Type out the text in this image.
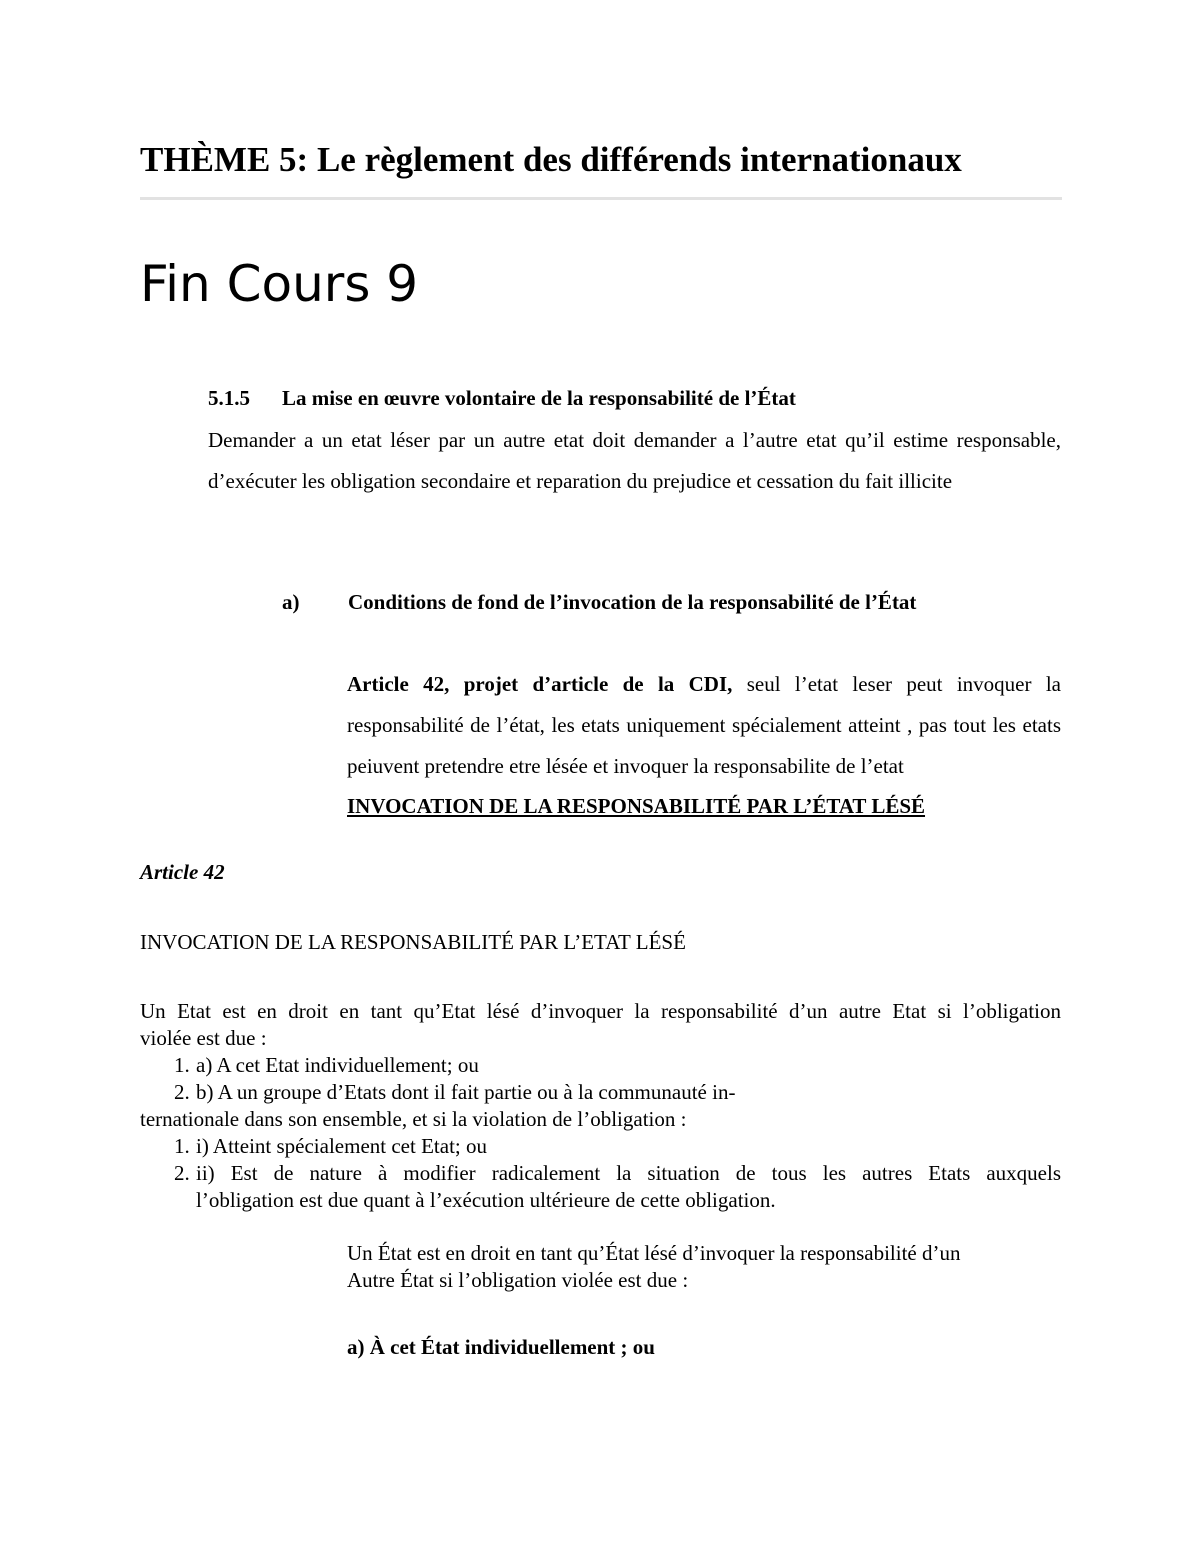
THÈME 5: Le règlement des différends internationaux
Fin Cours 9
5.1.5 La mise en œuvre volontaire de la responsabilité de l’État
Demander a un etat léser par un autre etat doit demander a l’autre etat qu’il estime responsable, d’exécuter les obligation secondaire et reparation du prejudice et cessation du fait illicite
a) Conditions de fond de l’invocation de la responsabilité de l’État
Article 42, projet d’article de la CDI, seul l’etat leser peut invoquer la responsabilité de l’état, les etats uniquement spécialement atteint , pas tout les etats peiuvent pretendre etre lésée et invoquer la responsabilite de l’etat
INVOCATION DE LA RESPONSABILITÉ PAR L’ÉTAT LÉSÉ
Article 42
INVOCATION DE LA RESPONSABILITÉ PAR L’ETAT LÉSÉ
Un Etat est en droit en tant qu’Etat lésé d’invoquer la responsabilité d’un autre Etat si l’obligation
violée est due :
1. a) A cet Etat individuellement; ou
2. b) A un groupe d’Etats dont il fait partie ou à la communauté in-
ternationale dans son ensemble, et si la violation de l’obligation :
1. i) Atteint spécialement cet Etat; ou
2. ii) Est de nature à modifier radicalement la situation de tous les autres Etats auxquels
l’obligation est due quant à l’exécution ultérieure de cette obligation.
Un État est en droit en tant qu’État lésé d’invoquer la responsabilité d’un
Autre État si l’obligation violée est due :
a) À cet État individuellement ; ou
